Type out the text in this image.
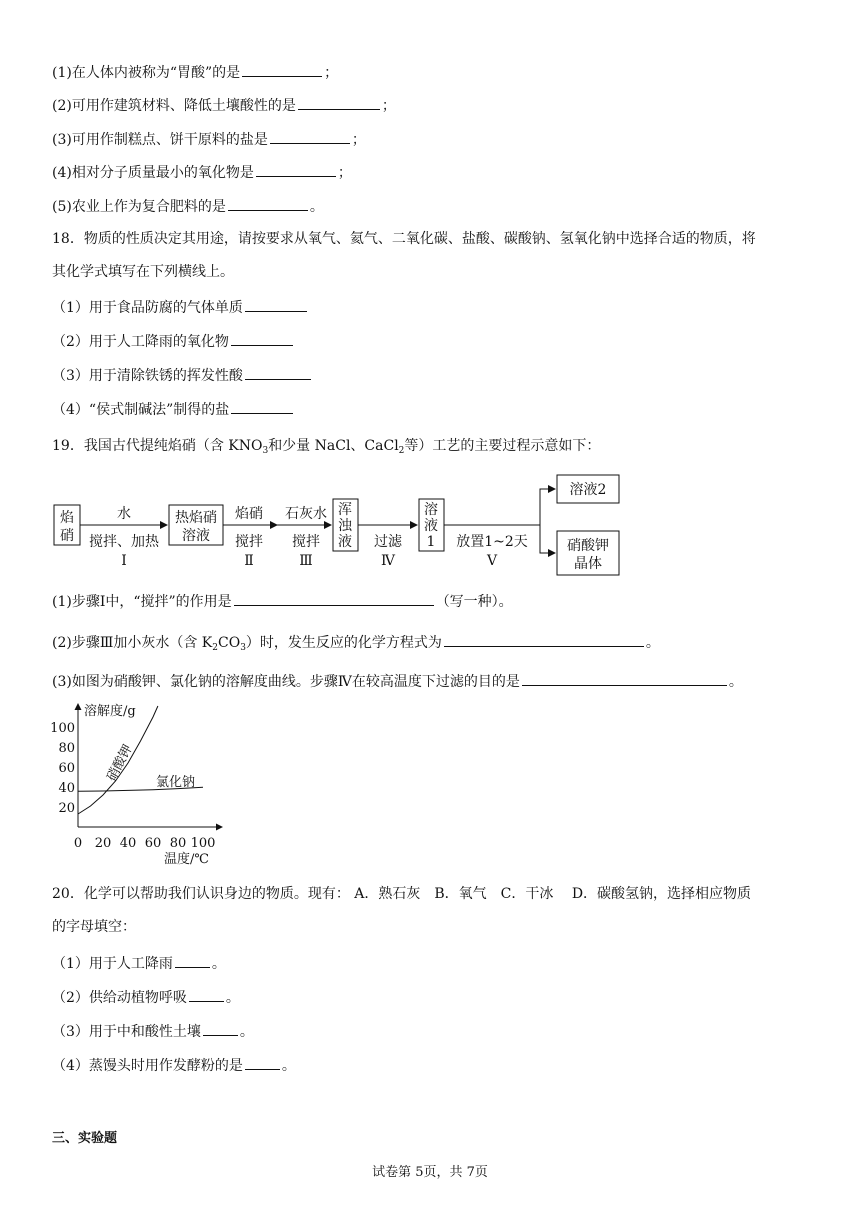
(1)在人体内被称为“胃酸”的是	；
(2)可用作建筑材料、降低土壤酸性的是	；
(3)可用作制糕点、饼干原料的盐是	；
(4)相对分子质量最小的氧化物是	；
(5)农业上作为复合肥料的是	。
18．物质的性质决定其用途，请按要求从氧气、氦气、二氧化碳、盐酸、碳酸钠、氢氧化钠中选择合适的物质，将
其化学式填写在下列横线上。
（1）用于食品防腐的气体单质
（2）用于人工降雨的氧化物
（3）用于清除铁锈的挥发性酸
（4）“侯式制碱法”制得的盐
19．我国古代提纯焰硝（含 $KNO_3$和少量 NaCl、CaCl$_2$等）工艺的主要过程示意如下：
焰
硝
水
搅拌、加热
Ⅰ
热焰硝
溶液
焰硝
搅拌
Ⅱ
石灰水
搅拌
Ⅲ
浑
浊
液 过滤
Ⅳ
溶
液
1 放置1~2天
Ⅴ
溶液2
硝酸钾
晶体
(1)步骤Ⅰ中，“搅拌”的作用是	（写一种）。
(2)步骤Ⅲ加小灰水（含 $K_2CO_3$）时，发生反应的化学方程式为	。
(3)如图为硝酸钾、氯化钠的溶解度曲线。步骤Ⅳ在较高温度下过滤的目的是	。
溶解度/g
温度/℃
0 20 40 60 80 100
20
40
60
80
100
硝酸钾 氯化钠
20．化学可以帮助我们认识身边的物质。现有： A．熟石灰　B．氧气　C．干冰　 D．碳酸氢钠，选择相应物质
的字母填空：
（1）用于人工降雨	。
（2）供给动植物呼吸	。
（3）用于中和酸性土壤	。
（4）蒸馒头时用作发酵粉的是	。
三、实验题
试卷第 5页，共 7页
